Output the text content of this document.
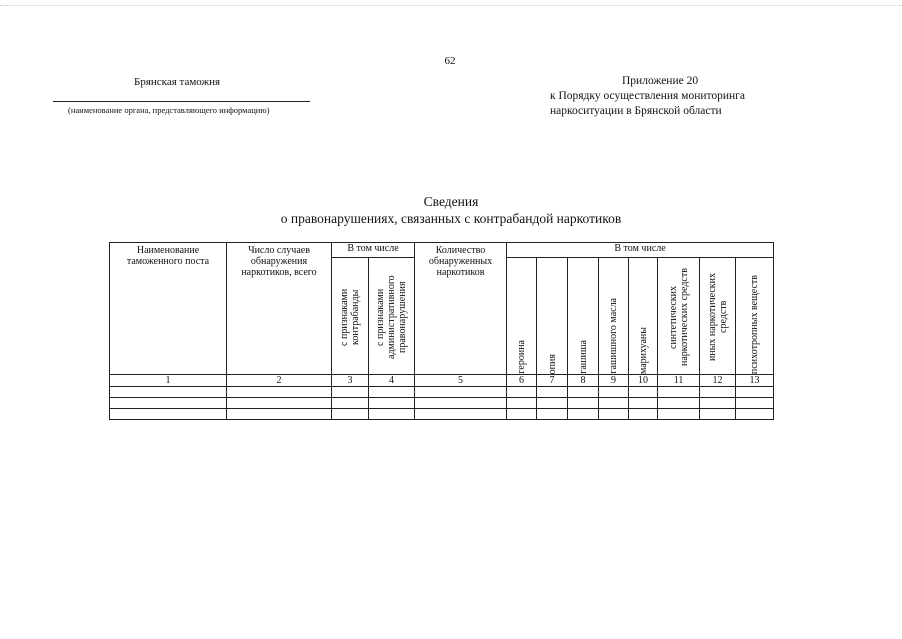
62
Брянская таможня
(наименование органа, представляющего информацию)
Приложение 20
к Порядку осуществления мониторинга
наркоситуации в Брянской области
Сведения
о правонарушениях, связанных с контрабандой наркотиков
Наименование таможенного поста	Число случаев обнаружения наркотиков, всего	В том числе		Количество обнаруженных наркотиков	В том числе							

		с признаками контрабанды	с признаками административного правонарушения		героина	опия	гашиша	гашишного масла	марихуаны	синтетических наркотических средств	иных наркотических средств	психотропных веществ

1	2	3	4	5	6	7	8	9	10	11	12	13
